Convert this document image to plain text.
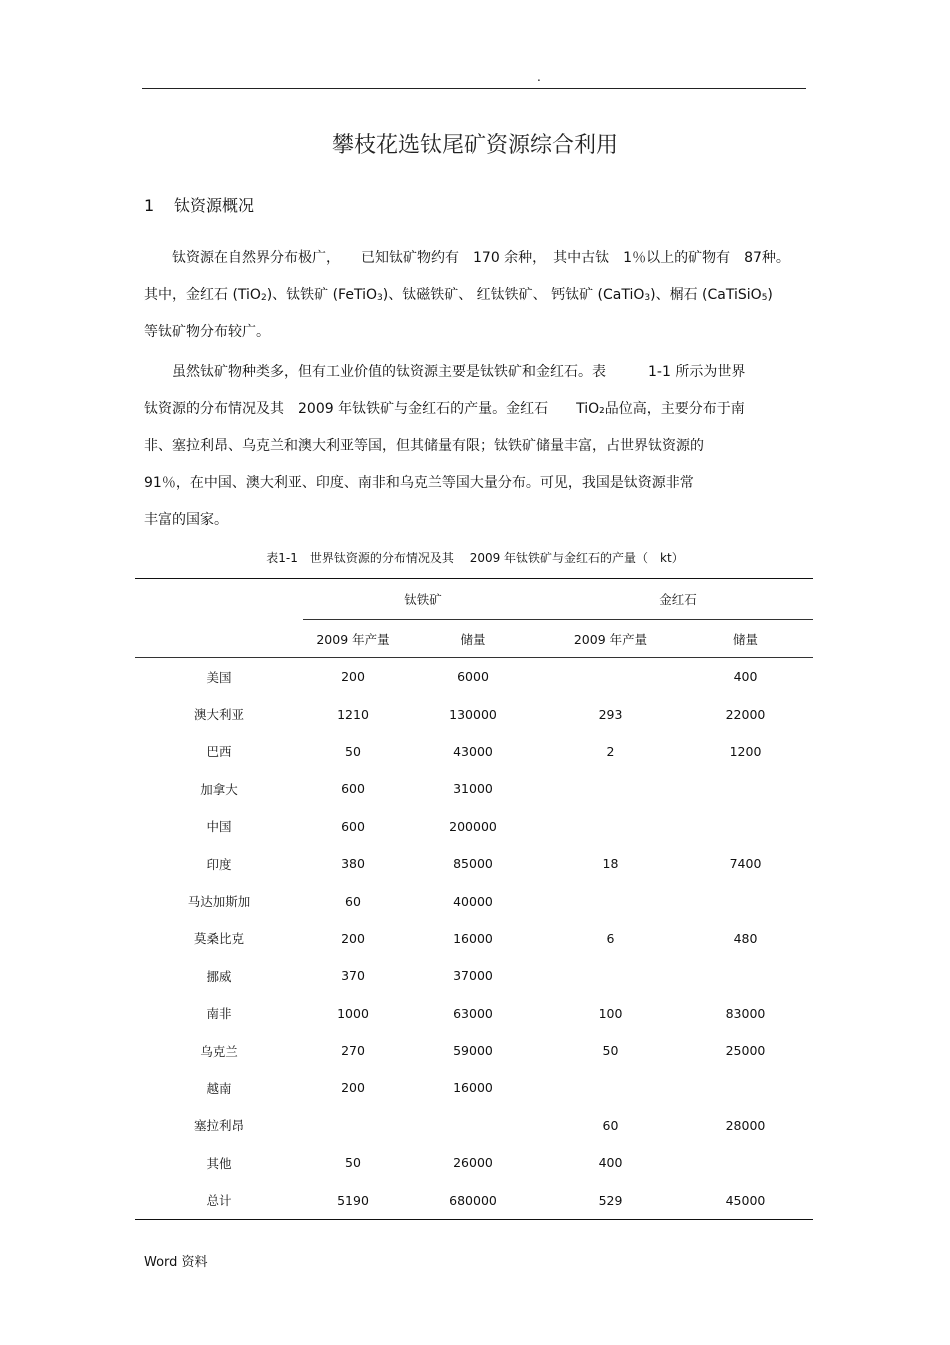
.
攀枝花选钛尾矿资源综合利用
1 钛资源概况
　　钛资源在自然界分布极广，　　已知钛矿物约有　170 余种，　其中古钛　1％以上的矿物有　87种。
其中，金红石 (TiO$_2$)、钛铁矿 (FeTiO$_3$)、钛磁铁矿、 红钛铁矿、 钙钛矿 (CaTiO$_3$)、榍石 (CaTiSiO$_5$)
等钛矿物分布较广。
　　虽然钛矿物种类多，但有工业价值的钛资源主要是钛铁矿和金红石。表　　　1-1 所示为世界
钛资源的分布情况及其　2009 年钛铁矿与金红石的产量。金红石　　TiO₂品位高，主要分布于南
非、塞拉利昂、乌克兰和澳大利亚等国，但其储量有限；钛铁矿储量丰富，占世界钛资源的
91％，在中国、澳大利亚、印度、南非和乌克兰等国大量分布。可见，我国是钛资源非常
丰富的国家。
表1-1　世界钛资源的分布情况及其　 2009 年钛铁矿与金红石的产量（　kt）
	钛铁矿		金红石	
	2009 年产量	储量	2009 年产量	储量
美国	200	6000		400
澳大利亚	1210	130000	293	22000
巴西	50	43000	2	1200
加拿大	600	31000		
中国	600	200000		
印度	380	85000	18	7400
马达加斯加	60	40000		
莫桑比克	200	16000	6	480
挪威	370	37000		
南非	1000	63000	100	83000
乌克兰	270	59000	50	25000
越南	200	16000		
塞拉利昂			60	28000
其他	50	26000	400	
总计	5190	680000	529	45000
Word 资料
